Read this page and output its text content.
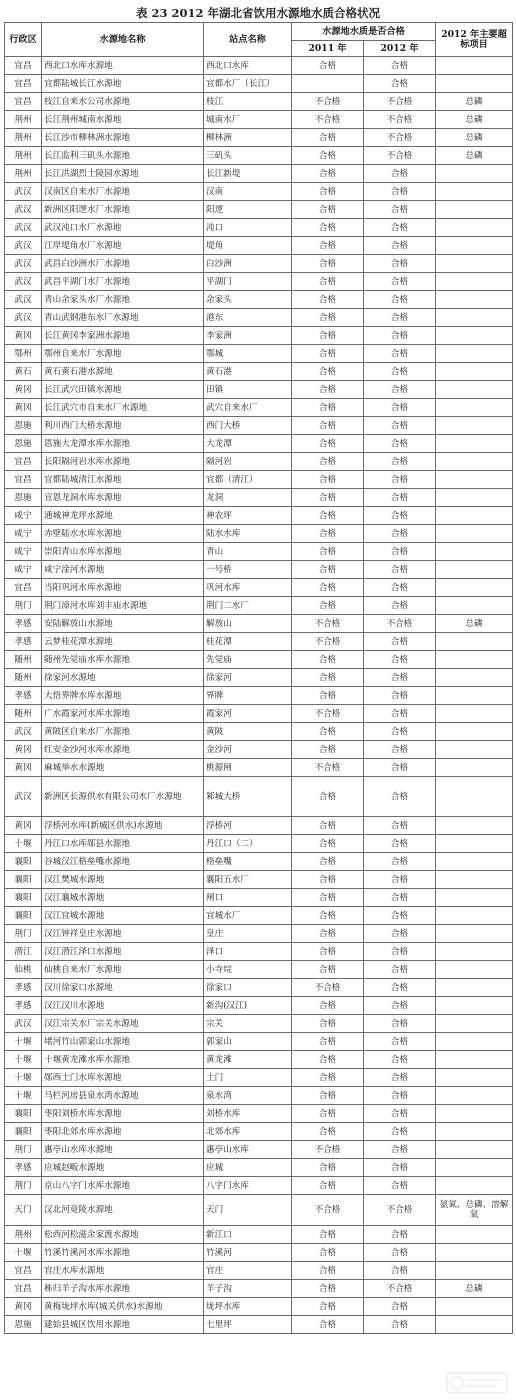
表 23 2012 年湖北省饮用水源地水质合格状况
行政区	水源地名称	站点名称	水源地水质是否合格		2012 年主要超标项目
			2011 年	2012 年	
宜昌	西北口水库水源地	西北口水库	合格	合格	
宜昌	宜都陆城长江水源地	宜都水厂（长江）		合格	
宜昌	枝江自来水公司水源地	枝江	不合格	不合格	总磷
荆州	长江荆州城南水源地	城南水厂	不合格	不合格	总磷
荆州	长江沙市柳林洲水源地	柳林洲	合格	不合格	总磷
荆州	长江监利三矶头水源地	三矶头	合格	不合格	总磷
荆州	长江洪湖烈士陵园水源地	长江新堤	合格	合格	
武汉	汉南区自来水厂水源地	汉南	合格	合格	
武汉	新洲区阳逻水厂水源地	阳逻	合格	合格	
武汉	武汉沌口水厂水源地	沌口	合格	合格	
武汉	江岸堤角水厂水源地	堤角	合格	合格	
武汉	武昌白沙洲水厂水源地	白沙洲	合格	合格	
武汉	武昌平湖门水厂水源地	平湖门	合格	合格	
武汉	青山余家头水厂水源地	余家头	合格	合格	
武汉	青山武钢港东水厂水源地	港东	合格	合格	
黄冈	长江黄冈李家洲水源地	李家洲	合格	合格	
鄂州	鄂州自来水厂水源地	鄂城	合格	合格	
黄石	黄石黄石港水源地	黄石港	合格	合格	
黄冈	长江武穴田镇水源地	田镇	合格	合格	
黄冈	长江武穴市自来水厂水源地	武穴自来水厂	合格	合格	
恩施	利川西门大桥水源地	西门大桥	合格	合格	
恩施	恩施大龙潭水库水源地	大龙潭	合格	合格	
宜昌	长阳隔河岩水库水源地	隔河岩	合格	合格	
宜昌	宜都陆城清江水源地	宜都（清江）	合格	合格	
恩施	宣恩龙洞水库水源地	龙洞	合格	合格	
咸宁	通城神龙坪水源地	神农坪	合格	合格	
咸宁	赤壁陆水水库水源地	陆水水库	合格	合格	
咸宁	崇阳青山水库水源地	青山	合格	合格	
咸宁	咸宁淦河水源地	一号桥	合格	合格	
宜昌	当阳巩河水库水源地	巩河水库	合格	合格	
荆门	荆门漳河水库刘丰庙水源地	荆门二水厂	合格	合格	
孝感	安陆解放山水源地	解放山	不合格	不合格	总磷
孝感	云梦桂花潭水源地	桂花潭	不合格	合格	
随州	随州先觉庙水库水源地	先觉庙	合格	合格	
随州	徐家河水源地	徐家河	合格	合格	
孝感	大悟界牌水库水源地	界牌	合格	合格	
随州	广水霞家河水库水源地	霞家河	不合格	合格	
武汉	黄陂区自来水厂水源地	黄陂	合格	合格	
黄冈	红安金沙河水库水源地	金沙河	合格	合格	
黄冈	麻城举水水源地	桃源闸	不合格	合格	
武汉	新洲区长源供水有限公司水厂水源地	邾城大桥	合格	合格	
黄冈	浮桥河水库(新城区供水)水源地	浮桥河	合格	合格	
十堰	丹江口水库郧县水源地	丹江口（二）	合格	合格	
襄阳	谷城汉江格垒嘴水源地	格垒嘴	合格	合格	
襄阳	汉江樊城水源地	襄阳五水厂	合格	合格	
襄阳	汉江襄城水源地	闸口	合格	合格	
襄阳	汉江宜城水源地	宜城水厂	合格	合格	
荆门	汉江钟祥皇庄水源地	皇庄	合格	合格	
潜江	汉江潜江泽口水源地	泽口	合格	合格	
仙桃	仙桃自来水厂水源地	小寺垸	合格	合格	
孝感	汉川徐家口水源地	徐家口	不合格	合格	
孝感	汉江汉川水源地	新沟(汉江)	合格	合格	
武汉	汉江宗关水厂宗关水源地	宗关	合格	合格	
十堰	堵河竹山郭家山水源地	郭家山	合格	合格	
十堰	十堰黄龙滩水库水源地	黄龙滩	合格	合格	
十堰	郧西土门水库水源地	土门	合格	合格	
十堰	马栏河房县泉水湾水源地	泉水湾	合格	合格	
襄阳	枣阳刘桥水库水源地	刘桥水库	合格	合格	
襄阳	枣阳北郊水库水源地	北郊水库	合格	合格	
荆门	惠亭山水库水源地	惠亭山水库	不合格	合格	
孝感	应城赵畈水源地	应城	合格	合格	
荆门	京山八字门水库水源地	八字门水库	合格	合格	
天门	汉北河竟陵水源地	天门	不合格	不合格	氨氮、总磷、溶解氧
荆州	松西河松滋余家渡水源地	新江口	合格	合格	
十堰	竹溪竹溪河水库水源地	竹溪河	合格	合格	
宜昌	官庄水库水源地	官庄	合格	合格	
宜昌	秭归羊子沟水库水源地	羊子沟	合格	不合格	总磷
黄冈	黄梅垅坪水库(城关供水)水源地	垅坪水库	合格	合格	
恩施	建始县城区饮用水源地	七里坪	合格	合格	
